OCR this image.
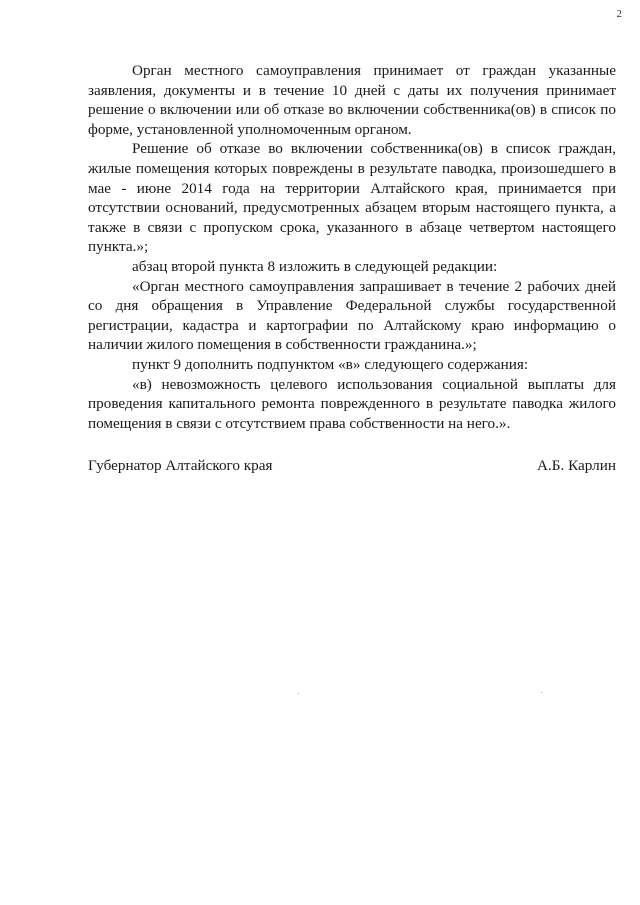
2

Орган местного самоуправления принимает от граждан указанные заявления, документы и в течение 10 дней с даты их получения принимает решение о включении или об отказе во включении собственника(ов) в список по форме, установленной уполномоченным органом.

Решение об отказе во включении собственника(ов) в список граждан, жилые помещения которых повреждены в результате паводка, произошедшего в мае - июне 2014 года на территории Алтайского края, принимается при отсутствии оснований, предусмотренных абзацем вторым настоящего пункта, а также в связи с пропуском срока, указанного в абзаце четвертом настоящего пункта.»;

абзац второй пункта 8 изложить в следующей редакции:

«Орган местного самоуправления запрашивает в течение 2 рабочих дней со дня обращения в Управление Федеральной службы государственной регистрации, кадастра и картографии по Алтайскому краю информацию о наличии жилого помещения в собственности гражданина.»;

пункт 9 дополнить подпунктом «в» следующего содержания:

«в) невозможность целевого использования социальной выплаты для проведения капитального ремонта поврежденного в результате паводка жилого помещения в связи с отсутствием права собственности на него.».

Губернатор Алтайского края	А.Б. Карлин
